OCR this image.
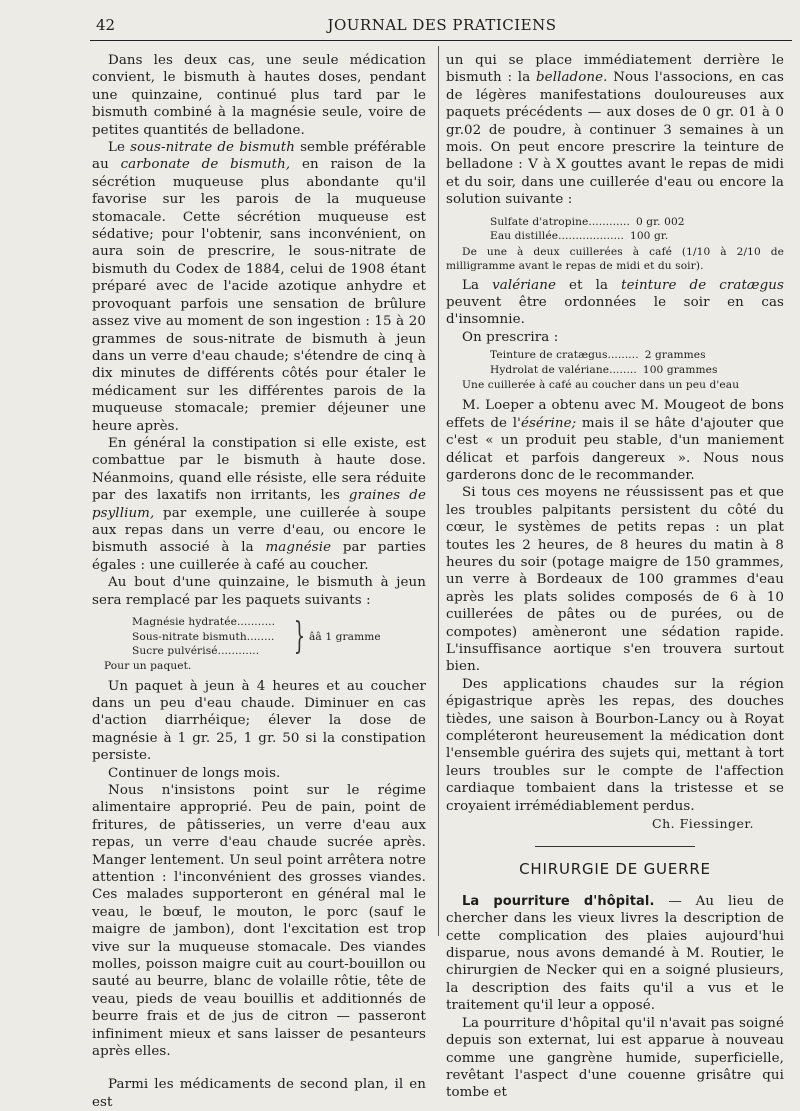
42	JOURNAL DES PRATICIENS

Dans les deux cas, une seule médication convient, le bismuth à hautes doses, pendant une quinzaine, continué plus tard par le bismuth combiné à la magnésie seule, voire de petites quantités de belladone.

Le sous-nitrate de bismuth semble préférable au carbonate de bismuth, en raison de la sécrétion muqueuse plus abondante qu'il favorise sur les parois de la muqueuse stomacale. Cette sécrétion muqueuse est sédative; pour l'obtenir, sans inconvénient, on aura soin de prescrire, le sous-nitrate de bismuth du Codex de 1884, celui de 1908 étant préparé avec de l'acide azotique anhydre et provoquant parfois une sensation de brûlure assez vive au moment de son ingestion : 15 à 20 grammes de sous-nitrate de bismuth à jeun dans un verre d'eau chaude; s'étendre de cinq à dix minutes de différents côtés pour étaler le médicament sur les différentes parois de la muqueuse stomacale; premier déjeuner une heure après.

En général la constipation si elle existe, est combattue par le bismuth à haute dose. Néanmoins, quand elle résiste, elle sera réduite par des laxatifs non irritants, les graines de psyllium, par exemple, une cuillerée à soupe aux repas dans un verre d'eau, ou encore le bismuth associé à la magnésie par parties égales : une cuillerée à café au coucher.

Au bout d'une quinzaine, le bismuth à jeun sera remplacé par les paquets suivants :

Magnésie hydratée ...........
Sous-nitrate bismuth ........
Sucre pulvérisé ............ } ââ 1 gramme
Pour un paquet.

Un paquet à jeun à 4 heures et au coucher dans un peu d'eau chaude. Diminuer en cas d'action diarrhéique; élever la dose de magnésie à 1 gr. 25, 1 gr. 50 si la constipation persiste.

Continuer de longs mois.

Nous n'insistons point sur le régime alimentaire approprié. Peu de pain, point de fritures, de pâtisseries, un verre d'eau aux repas, un verre d'eau chaude sucrée après. Manger lentement. Un seul point arrêtera notre attention : l'inconvénient des grosses viandes. Ces malades supporteront en général mal le veau, le bœuf, le mouton, le porc (sauf le maigre de jambon), dont l'excitation est trop vive sur la muqueuse stomacale. Des viandes molles, poisson maigre cuit au court-bouillon ou sauté au beurre, blanc de volaille rôtie, tête de veau, pieds de veau bouillis et additionnés de beurre frais et de jus de citron — passeront infiniment mieux et sans laisser de pesanteurs après elles.

Parmi les médicaments de second plan, il en est

un qui se place immédiatement derrière le bismuth : la belladone. Nous l'associons, en cas de légères manifestations douloureuses aux paquets précédents — aux doses de 0 gr. 01 à 0 gr.02 de poudre, à continuer 3 semaines à un mois. On peut encore prescrire la teinture de belladone : V à X gouttes avant le repas de midi et du soir, dans une cuillerée d'eau ou encore la solution suivante :

Sulfate d'atropine ............ 0 gr. 002
Eau distillée ................... 100 gr.

De une à deux cuillerées à café (1/10 à 2/10 de milligramme avant le repas de midi et du soir).

La valériane et la teinture de cratægus peuvent être ordonnées le soir en cas d'insomnie.

On prescrira :

Teinture de cratægus ......... 2 grammes
Hydrolat de valériane ........ 100 grammes

Une cuillerée à café au coucher dans un peu d'eau

M. Loeper a obtenu avec M. Mougeot de bons effets de l'ésérine; mais il se hâte d'ajouter que c'est « un produit peu stable, d'un maniement délicat et parfois dangereux ». Nous nous garderons donc de le recommander.

Si tous ces moyens ne réussissent pas et que les troubles palpitants persistent du côté du cœur, le systèmes de petits repas : un plat toutes les 2 heures, de 8 heures du matin à 8 heures du soir (potage maigre de 150 grammes, un verre à Bordeaux de 100 grammes d'eau après les plats solides composés de 6 à 10 cuillerées de pâtes ou de purées, ou de compotes) amèneront une sédation rapide. L'insuffisance aortique s'en trouvera surtout bien.

Des applications chaudes sur la région épigastrique après les repas, des douches tièdes, une saison à Bourbon-Lancy ou à Royat compléteront heureusement la médication dont l'ensemble guérira des sujets qui, mettant à tort leurs troubles sur le compte de l'affection cardiaque tombaient dans la tristesse et se croyaient irrémédiablement perdus.

Ch. Fiessinger.
CHIRURGIE DE GUERRE

La pourriture d'hôpital. — Au lieu de chercher dans les vieux livres la description de cette complication des plaies aujourd'hui disparue, nous avons demandé à M. Routier, le chirurgien de Necker qui en a soigné plusieurs, la description des faits qu'il a vus et le traitement qu'il leur a opposé.

La pourriture d'hôpital qu'il n'avait pas soigné depuis son externat, lui est apparue à nouveau comme une gangrène humide, superficielle, revêtant l'aspect d'une couenne grisâtre qui tombe et
